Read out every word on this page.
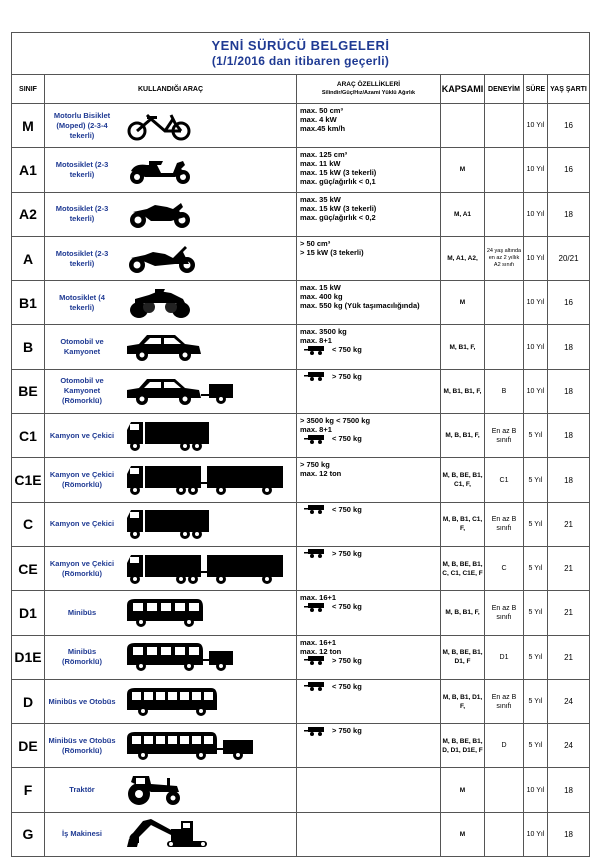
YENİ SÜRÜCÜ BELGELERİ
(1/1/2016 dan itibaren geçerli)						

SINIF	KULLANDIĞI ARAÇ	ARAÇ ÖZELLİKLERİ
Silindir/Güç/Hız/Azami Yüklü Ağırlık	KAPSAMI	DENEYİM	SÜRE	YAŞ ŞARTI
M	Motorlu Bisiklet (Moped) (2-3-4 tekerli)	max. 50 cm³
max. 4 kW
max.45 km/h			10 Yıl	16
A1	Motosiklet (2-3 tekerli)	max. 125 cm³
max. 11 kW
max. 15 kW (3 tekerli)
max. güç/ağırlık < 0,1	M		10 Yıl	16
A2	Motosiklet (2-3 tekerli)	max. 35 kW
max. 15 kW (3 tekerli)
max. güç/ağırlık < 0,2	M, A1		10 Yıl	18
A	Motosiklet (2-3 tekerli)	> 50 cm³
> 15 kW (3 tekerli)	M, A1, A2,	24 yaş altında en az 2 yıllık A2 sınıfı	10 Yıl	20/21
B1	Motosiklet (4 tekerli)	max. 15 kW
max. 400 kg
max. 550 kg (Yük taşımacılığında)	M		10 Yıl	16
B	Otomobil ve Kamyonet	max. 3500 kg
max. 8+1
< 750 kg	M, B1, F,		10 Yıl	18
BE	Otomobil ve Kamyonet (Römorklü)	> 750 kg	M, B1, B1, F,	B	10 Yıl	18
C1	Kamyon ve Çekici	> 3500 kg < 7500 kg
max. 8+1
< 750 kg	M, B, B1, F,	En az B sınıfı	5 Yıl	18
C1E	Kamyon ve Çekici (Römorklü)	> 750 kg
max. 12 ton	M, B, BE, B1, C1, F,	C1	5 Yıl	18
C	Kamyon ve Çekici	< 750 kg	M, B, B1, C1, F,	En az B sınıfı	5 Yıl	21
CE	Kamyon ve Çekici (Römorklü)	> 750 kg	M, B, BE, B1, C, C1, C1E, F	C	5 Yıl	21
D1	Minibüs	max. 16+1
< 750 kg	M, B, B1, F,	En az B sınıfı	5 Yıl	21
D1E	Minibüs (Römorklü)	max. 16+1
max. 12 ton
> 750 kg	M, B, BE, B1, D1, F	D1	5 Yıl	21
D	Minibüs ve Otobüs	< 750 kg	M, B, B1, D1, F,	En az B sınıfı	5 Yıl	24
DE	Minibüs ve Otobüs (Römorklü)	> 750 kg	M, B, BE, B1, D, D1, D1E, F	D	5 Yıl	24
F	Traktör		M		10 Yıl	18
G	İş Makinesi		M		10 Yıl	18
